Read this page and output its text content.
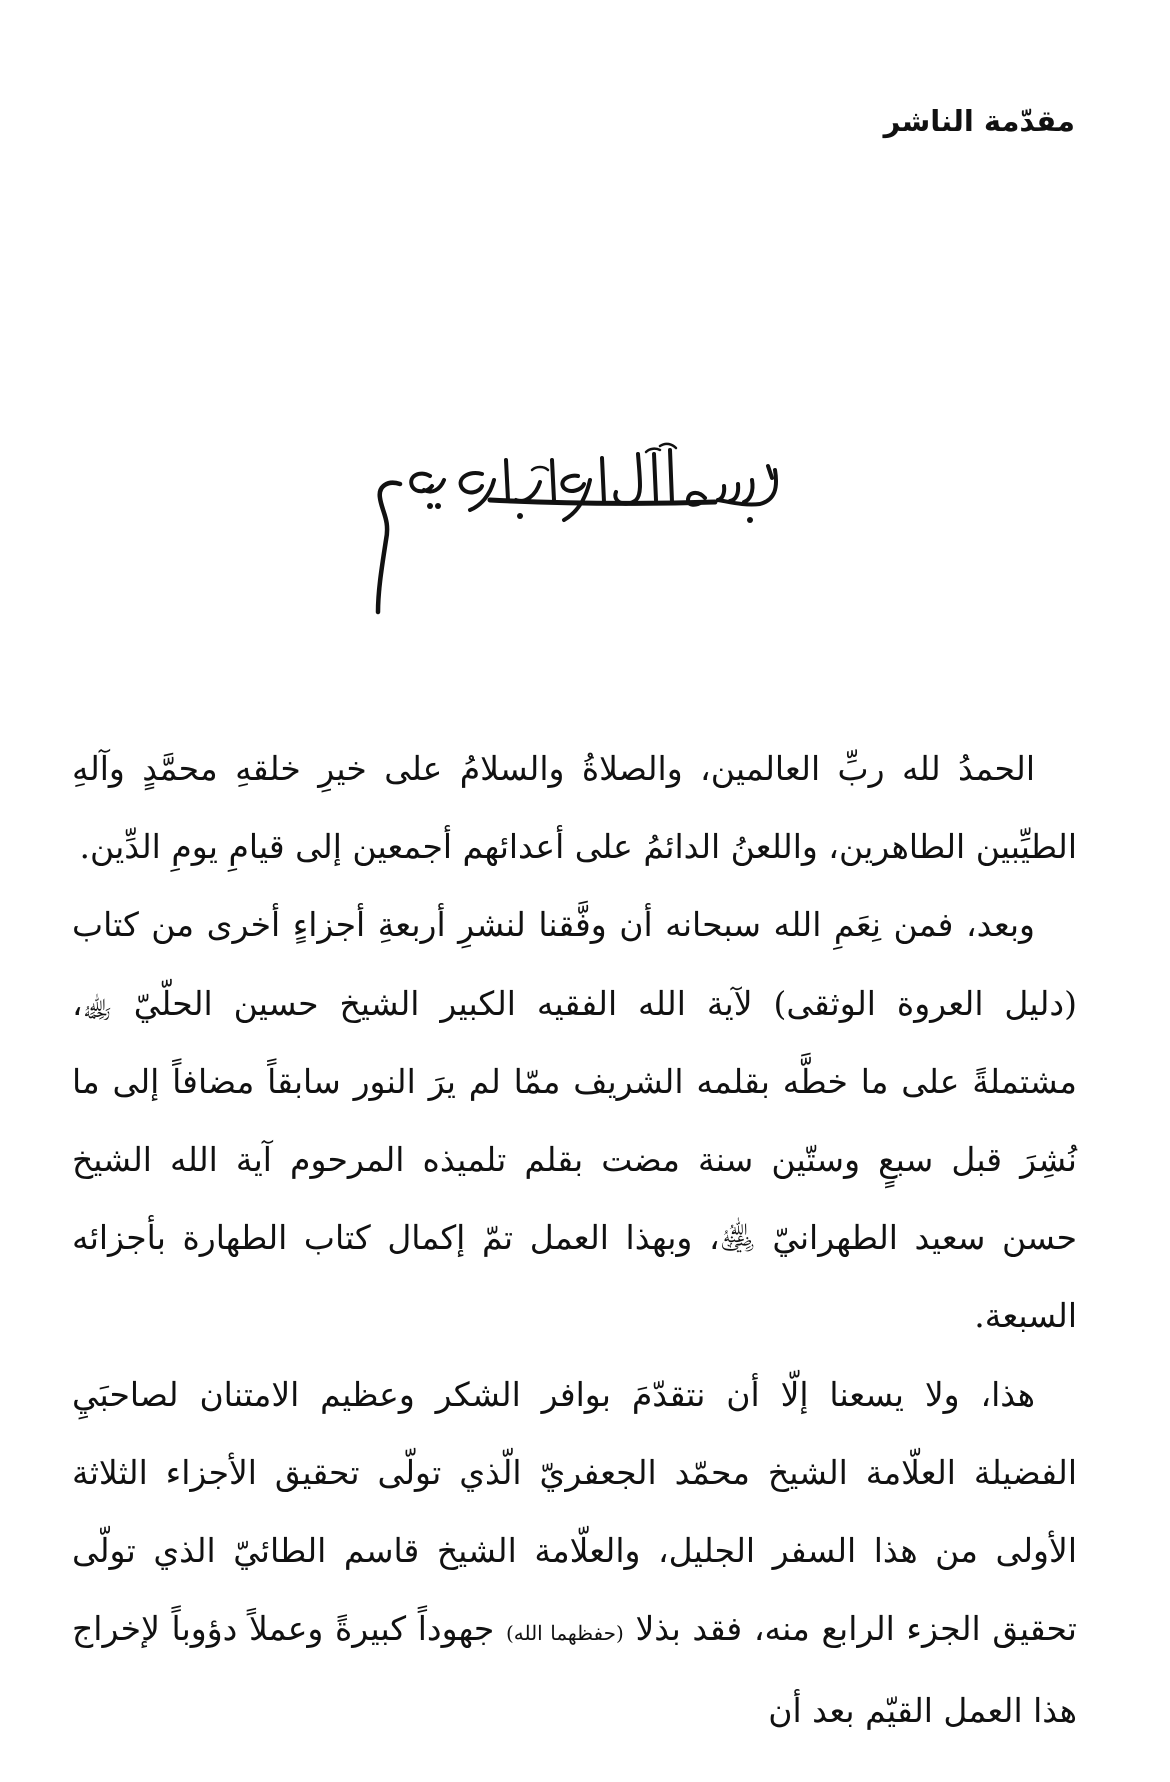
مقدّمة الناشر

الحمدُ لله ربِّ العالمين، والصلاةُ والسلامُ على خيرِ خلقهِ محمَّدٍ وآلهِ الطيِّبين الطاهرين، واللعنُ الدائمُ على أعدائهم أجمعين إلى قيامِ يومِ الدِّين.

وبعد، فمن نِعَمِ الله سبحانه أن وفَّقنا لنشرِ أربعةِ أجزاءٍ أخرى من كتاب (دليل العروة الوثقى) لآية الله الفقيه الكبير الشيخ حسين الحلّيّ ﵀، مشتملةً على ما خطَّه بقلمه الشريف ممّا لم يرَ النور سابقاً مضافاً إلى ما نُشِرَ قبل سبعٍ وستّين سنة مضت بقلم تلميذه المرحوم آية الله الشيخ حسن سعيد الطهرانيّ ﵁، وبهذا العمل تمّ إكمال كتاب الطهارة بأجزائه السبعة.

هذا، ولا يسعنا إلّا أن نتقدّمَ بوافر الشكر وعظيم الامتنان لصاحبَيِ الفضيلة العلّامة الشيخ محمّد الجعفريّ الّذي تولّى تحقيق الأجزاء الثلاثة الأولى من هذا السفر الجليل، والعلّامة الشيخ قاسم الطائيّ الذي تولّى تحقيق الجزء الرابع منه، فقد بذلا (حفظهما الله) جهوداً كبيرةً وعملاً دؤوباً لإخراج هذا العمل القيّم بعد أن
